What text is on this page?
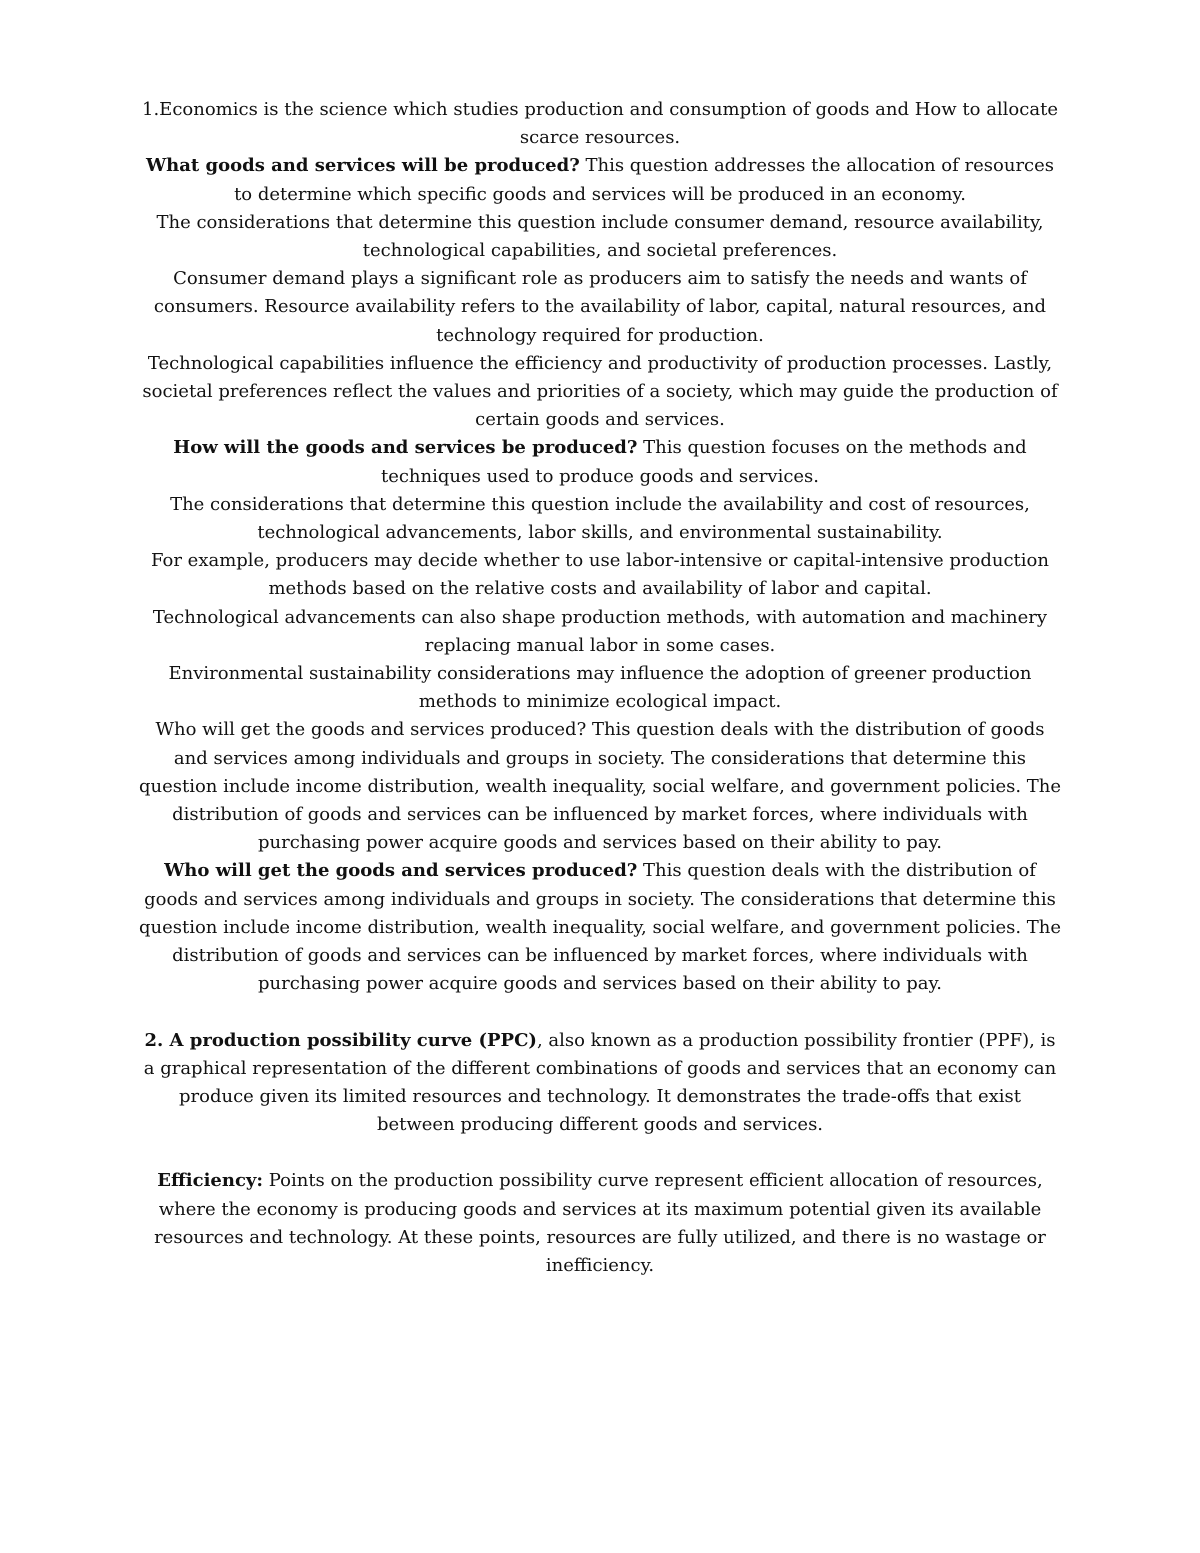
1.Economics is the science which studies production and consumption of goods and How to allocate scarce resources.

What goods and services will be produced? This question addresses the allocation of resources to determine which specific goods and services will be produced in an economy.

The considerations that determine this question include consumer demand, resource availability, technological capabilities, and societal preferences.

Consumer demand plays a significant role as producers aim to satisfy the needs and wants of consumers. Resource availability refers to the availability of labor, capital, natural resources, and technology required for production.

Technological capabilities influence the efficiency and productivity of production processes. Lastly, societal preferences reflect the values and priorities of a society, which may guide the production of certain goods and services.

How will the goods and services be produced? This question focuses on the methods and techniques used to produce goods and services.

The considerations that determine this question include the availability and cost of resources, technological advancements, labor skills, and environmental sustainability.

For example, producers may decide whether to use labor-intensive or capital-intensive production methods based on the relative costs and availability of labor and capital.

Technological advancements can also shape production methods, with automation and machinery replacing manual labor in some cases.

Environmental sustainability considerations may influence the adoption of greener production methods to minimize ecological impact.

Who will get the goods and services produced? This question deals with the distribution of goods and services among individuals and groups in society. The considerations that determine this question include income distribution, wealth inequality, social welfare, and government policies. The distribution of goods and services can be influenced by market forces, where individuals with purchasing power acquire goods and services based on their ability to pay.

Who will get the goods and services produced? This question deals with the distribution of goods and services among individuals and groups in society. The considerations that determine this question include income distribution, wealth inequality, social welfare, and government policies. The distribution of goods and services can be influenced by market forces, where individuals with purchasing power acquire goods and services based on their ability to pay.

2. A production possibility curve (PPC), also known as a production possibility frontier (PPF), is a graphical representation of the different combinations of goods and services that an economy can produce given its limited resources and technology. It demonstrates the trade-offs that exist between producing different goods and services.

Efficiency: Points on the production possibility curve represent efficient allocation of resources, where the economy is producing goods and services at its maximum potential given its available resources and technology. At these points, resources are fully utilized, and there is no wastage or inefficiency.
